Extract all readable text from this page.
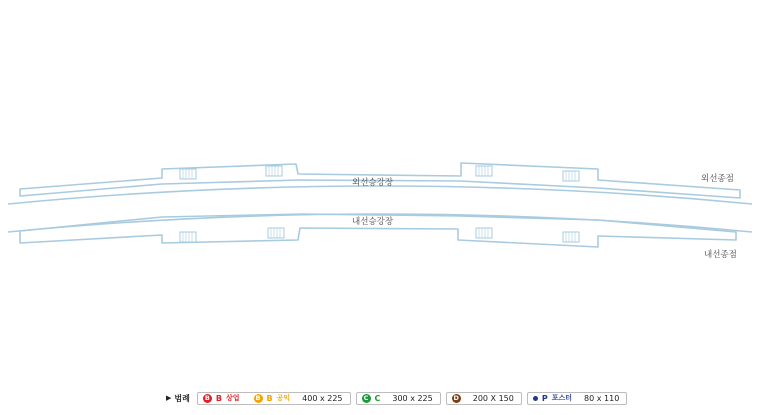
외선승강장	외선종점
내선승강장
내선종점
▶ 범례	B B 상업	B B 공익 400 x 225	C C 300 x 225	D 200 X 150	P 포스터 80 x 110
